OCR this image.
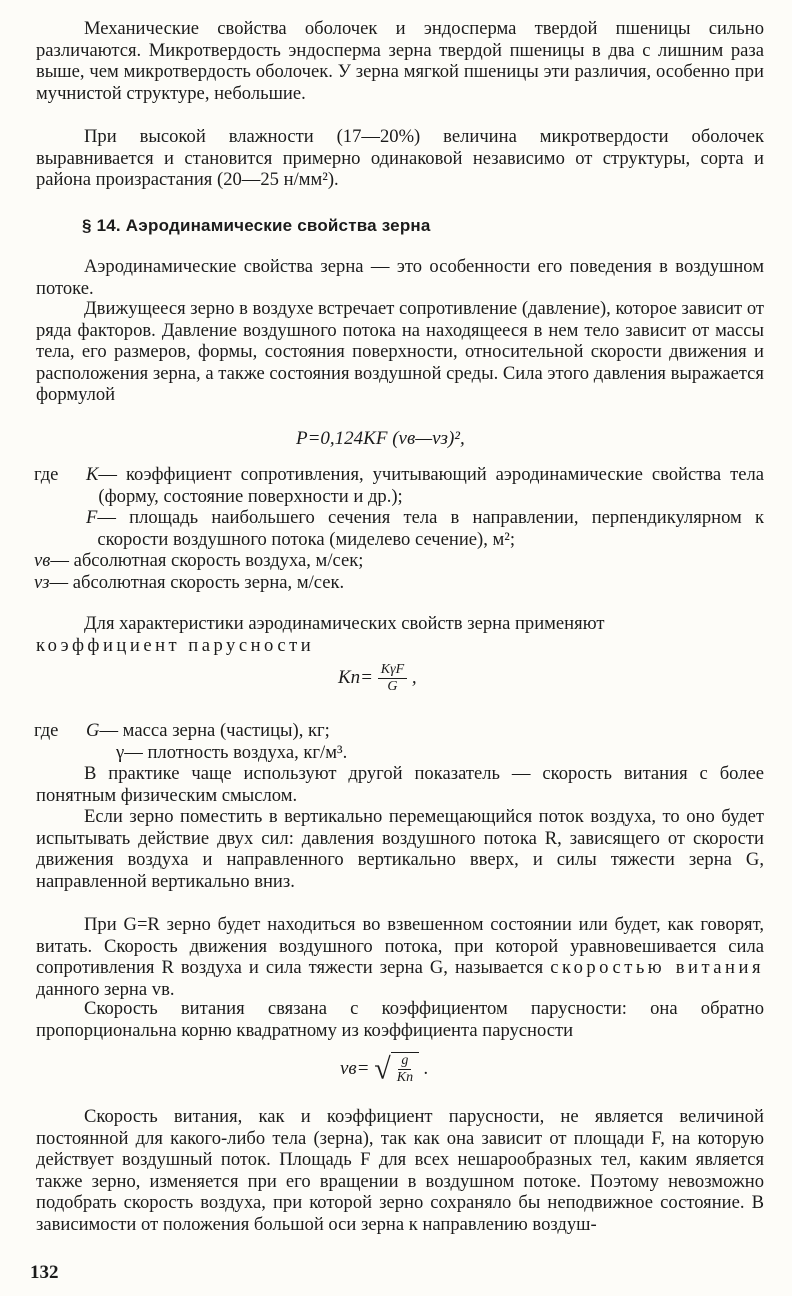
Механические свойства оболочек и эндосперма твердой пшеницы сильно различаются. Микротвердость эндосперма зерна твердой пшеницы в два с лишним раза выше, чем микротвердость оболочек. У зерна мягкой пшеницы эти различия, особенно при мучнистой структуре, небольшие.

При высокой влажности (17—20%) величина микротвердости оболочек выравнивается и становится примерно одинаковой независимо от структуры, сорта и района произрастания (20—25 н/мм²).

§ 14. Аэродинамические свойства зерна

Аэродинамические свойства зерна — это особенности его поведения в воздушном потоке.

Движущееся зерно в воздухе встречает сопротивление (давление), которое зависит от ряда факторов. Давление воздушного потока на находящееся в нем тело зависит от массы тела, его размеров, формы, состояния поверхности, относительной скорости движения и расположения зерна, а также состояния воздушной среды. Сила этого давления выражается формулой

P=0,124KF (vв—vз)²,
где	K — коэффициент сопротивления, учитывающий аэродинамические свойства тела (форму, состояние поверхности и др.);
F — площадь наибольшего сечения тела в направлении, перпендикулярном к скорости воздушного потока (миделево сечение), м²;
vв — абсолютная скорость воздуха, м/сек;
vз — абсолютная скорость зерна, м/сек.

Для характеристики аэродинамических свойств зерна применяют

коэффициент парусности

$Kп= \frac{\text{KγF}}{G}$ ,
где	G — масса зерна (частицы), кг;
γ — плотность воздуха, кг/м³.

В практике чаще используют другой показатель — скорость витания с более понятным физическим смыслом.

Если зерно поместить в вертикально перемещающийся поток воздуха, то оно будет испытывать действие двух сил: давления воздушного потока R, зависящего от скорости движения воздуха и направленного вертикально вверх, и силы тяжести зерна G, направленной вертикально вниз.

При G=R зерно будет находиться во взвешенном состоянии или будет, как говорят, витать. Скорость движения воздушного потока, при которой уравновешивается сила сопротивления R воздуха и сила тяжести зерна G, называется скоростью витания данного зерна vв.

Скорость витания связана с коэффициентом парусности: она обратно пропорциональна корню квадратному из коэффициента парусности

vв= √ $\frac{g}{Kп}$ .

Скорость витания, как и коэффициент парусности, не является величиной постоянной для какого-либо тела (зерна), так как она зависит от площади F, на которую действует воздушный поток. Площадь F для всех нешарообразных тел, каким является также зерно, изменяется при его вращении в воздушном потоке. Поэтому невозможно подобрать скорость воздуха, при которой зерно сохраняло бы неподвижное состояние. В зависимости от положения большой оси зерна к направлению воздуш-

132
